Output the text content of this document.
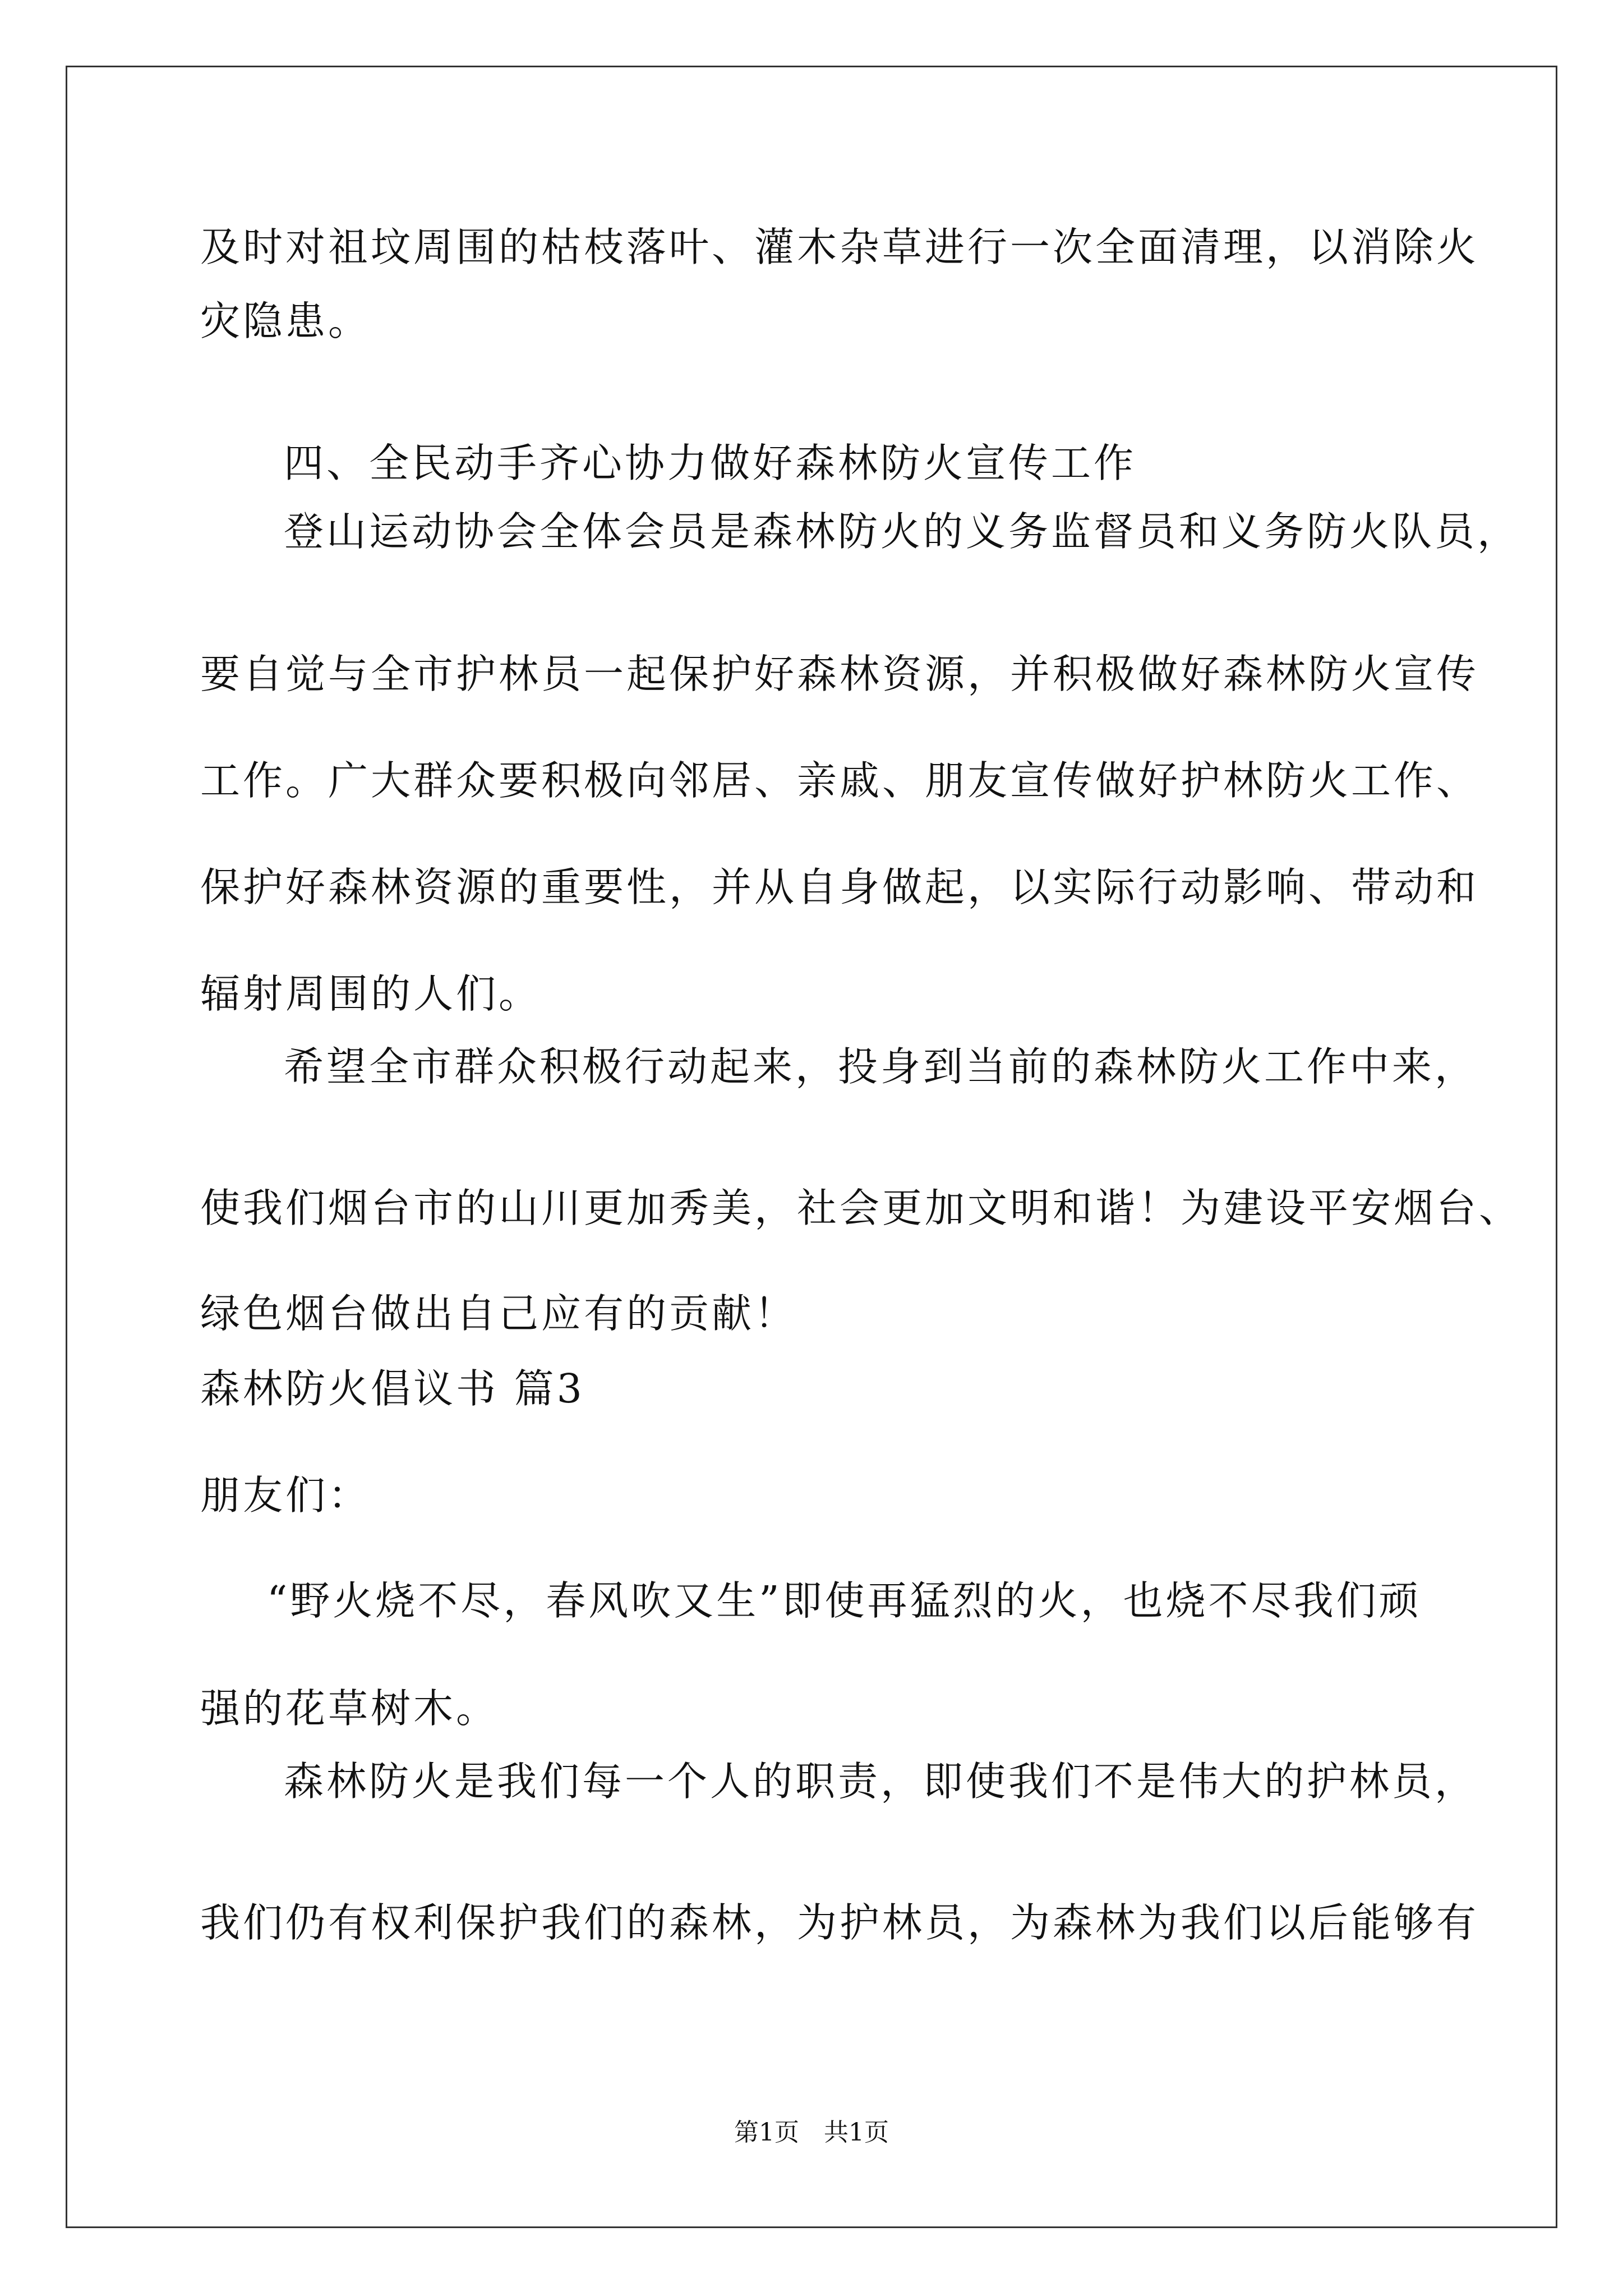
及时对祖坟周围的枯枝落叶、灌木杂草进行一次全面清理，以消除火
灾隐患。
四、全民动手齐心协力做好森林防火宣传工作
登山运动协会全体会员是森林防火的义务监督员和义务防火队员，
要自觉与全市护林员一起保护好森林资源，并积极做好森林防火宣传
工作。广大群众要积极向邻居、亲戚、朋友宣传做好护林防火工作、
保护好森林资源的重要性，并从自身做起，以实际行动影响、带动和
辐射周围的人们。
希望全市群众积极行动起来，投身到当前的森林防火工作中来，
使我们烟台市的山川更加秀美，社会更加文明和谐！为建设平安烟台、
绿色烟台做出自己应有的贡献！
森林防火倡议书 篇3
朋友们：
“野火烧不尽，春风吹又生”即使再猛烈的火，也烧不尽我们顽
强的花草树木。
森林防火是我们每一个人的职责，即使我们不是伟大的护林员，
我们仍有权利保护我们的森林，为护林员，为森林为我们以后能够有
第1页　共1页
